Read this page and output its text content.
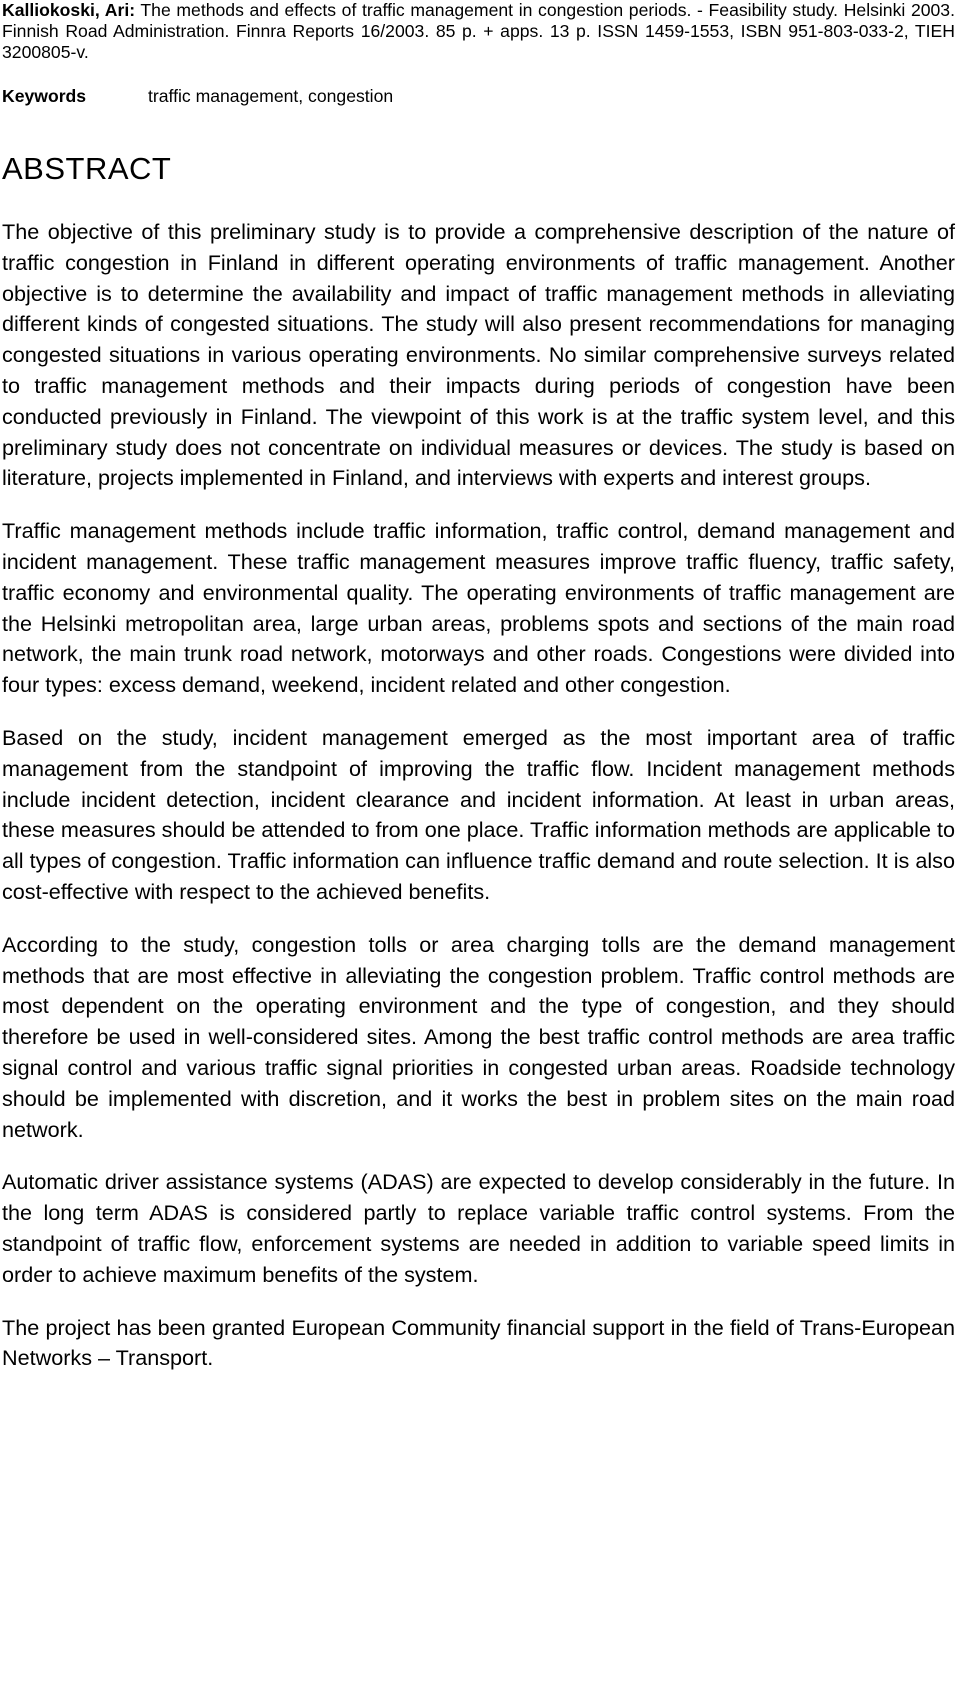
Kalliokoski, Ari: The methods and effects of traffic management in congestion periods. - Feasibility study. Helsinki 2003. Finnish Road Administration. Finnra Reports 16/2003. 85 p. + apps. 13 p. ISSN 1459-1553, ISBN 951-803-033-2, TIEH 3200805-v.

Keywords	traffic management, congestion
ABSTRACT

The objective of this preliminary study is to provide a comprehensive description of the nature of traffic congestion in Finland in different operating environments of traffic management. Another objective is to determine the availability and impact of traffic management methods in alleviating different kinds of congested situations. The study will also present recommendations for managing congested situations in various operating environments. No similar comprehensive surveys related to traffic management methods and their impacts during periods of congestion have been conducted previously in Finland. The viewpoint of this work is at the traffic system level, and this preliminary study does not concentrate on individual measures or devices. The study is based on literature, projects implemented in Finland, and interviews with experts and interest groups.

Traffic management methods include traffic information, traffic control, demand management and incident management. These traffic management measures improve traffic fluency, traffic safety, traffic economy and environmental quality. The operating environments of traffic management are the Helsinki metropolitan area, large urban areas, problems spots and sections of the main road network, the main trunk road network, motorways and other roads. Congestions were divided into four types: excess demand, weekend, incident related and other congestion.

Based on the study, incident management emerged as the most important area of traffic management from the standpoint of improving the traffic flow. Incident management methods include incident detection, incident clearance and incident information. At least in urban areas, these measures should be attended to from one place. Traffic information methods are applicable to all types of congestion. Traffic information can influence traffic demand and route selection. It is also cost-effective with respect to the achieved benefits.

According to the study, congestion tolls or area charging tolls are the demand management methods that are most effective in alleviating the congestion problem. Traffic control methods are most dependent on the operating environment and the type of congestion, and they should therefore be used in well-considered sites. Among the best traffic control methods are area traffic signal control and various traffic signal priorities in congested urban areas. Roadside technology should be implemented with discretion, and it works the best in problem sites on the main road network.

Automatic driver assistance systems (ADAS) are expected to develop considerably in the future. In the long term ADAS is considered partly to replace variable traffic control systems. From the standpoint of traffic flow, enforcement systems are needed in addition to variable speed limits in order to achieve maximum benefits of the system.

The project has been granted European Community financial support in the field of Trans-European Networks – Transport.
